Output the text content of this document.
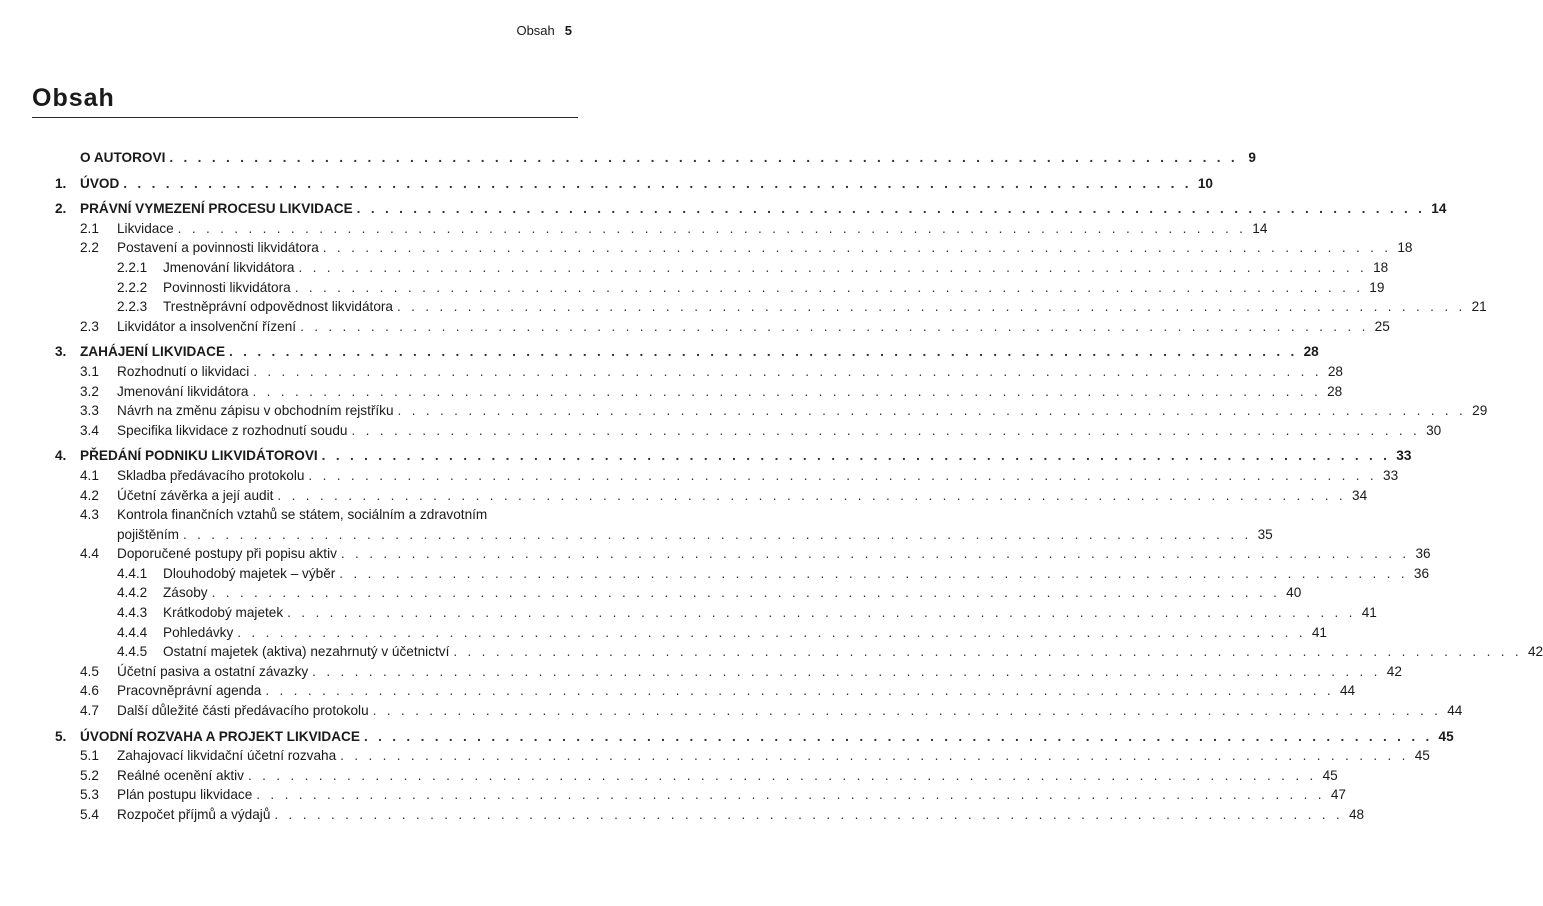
Obsah 5
Obsah
O AUTOROVI . . . . . . . . . . . . . . . . . . . . . . . . . . . . . . . . . . . . . . . . . . . . . . . . . . . . . . . . . . . . . . . . . . . . . . . . . . . . 9
1. ÚVOD . . . . . . . . . . . . . . . . . . . . . . . . . . . . . . . . . . . . . . . . . . . . . . . . . . . . . . . . . . . . . . . . . . . . . . . . . . . . 10
2. PRÁVNÍ VYMEZENÍ PROCESU LIKVIDACE . . . . . . . . . . . . . . . . . . . . . . . . . . . . . . . . . . . . . . . . . . . . . . . . . . . . . . . . . . . . . . . . . . . . . . . . . . . . 14
2.1 Likvidace . . . . . . . . . . . . . . . . . . . . . . . . . . . . . . . . . . . . . . . . . . . . . . . . . . . . . . . . . . . . . . . . . . . . . . . . . . . . 14
2.2 Postavení a povinnosti likvidátora . . . . . . . . . . . . . . . . . . . . . . . . . . . . . . . . . . . . . . . . . . . . . . . . . . . . . . . . . . . . . . . . . . . . . . . . . . . . 18
2.2.1 Jmenování likvidátora . . . . . . . . . . . . . . . . . . . . . . . . . . . . . . . . . . . . . . . . . . . . . . . . . . . . . . . . . . . . . . . . . . . . . . . . . . . . 18
2.2.2 Povinnosti likvidátora . . . . . . . . . . . . . . . . . . . . . . . . . . . . . . . . . . . . . . . . . . . . . . . . . . . . . . . . . . . . . . . . . . . . . . . . . . . . 19
2.2.3 Trestněprávní odpovědnost likvidátora . . . . . . . . . . . . . . . . . . . . . . . . . . . . . . . . . . . . . . . . . . . . . . . . . . . . . . . . . . . . . . . . . . . . . . . . . . . . 21
2.3 Likvidátor a insolvenční řízení . . . . . . . . . . . . . . . . . . . . . . . . . . . . . . . . . . . . . . . . . . . . . . . . . . . . . . . . . . . . . . . . . . . . . . . . . . . . 25
3. ZAHÁJENÍ LIKVIDACE . . . . . . . . . . . . . . . . . . . . . . . . . . . . . . . . . . . . . . . . . . . . . . . . . . . . . . . . . . . . . . . . . . . . . . . . . . . . 28
3.1 Rozhodnutí o likvidaci . . . . . . . . . . . . . . . . . . . . . . . . . . . . . . . . . . . . . . . . . . . . . . . . . . . . . . . . . . . . . . . . . . . . . . . . . . . . 28
3.2 Jmenování likvidátora . . . . . . . . . . . . . . . . . . . . . . . . . . . . . . . . . . . . . . . . . . . . . . . . . . . . . . . . . . . . . . . . . . . . . . . . . . . . 28
3.3 Návrh na změnu zápisu v obchodním rejstříku . . . . . . . . . . . . . . . . . . . . . . . . . . . . . . . . . . . . . . . . . . . . . . . . . . . . . . . . . . . . . . . . . . . . . . . . . . . . 29
3.4 Specifika likvidace z rozhodnutí soudu . . . . . . . . . . . . . . . . . . . . . . . . . . . . . . . . . . . . . . . . . . . . . . . . . . . . . . . . . . . . . . . . . . . . . . . . . . . . 30
4. PŘEDÁNÍ PODNIKU LIKVIDÁTOROVI . . . . . . . . . . . . . . . . . . . . . . . . . . . . . . . . . . . . . . . . . . . . . . . . . . . . . . . . . . . . . . . . . . . . . . . . . . . . 33
4.1 Skladba předávacího protokolu . . . . . . . . . . . . . . . . . . . . . . . . . . . . . . . . . . . . . . . . . . . . . . . . . . . . . . . . . . . . . . . . . . . . . . . . . . . . 33
4.2 Účetní závěrka a její audit . . . . . . . . . . . . . . . . . . . . . . . . . . . . . . . . . . . . . . . . . . . . . . . . . . . . . . . . . . . . . . . . . . . . . . . . . . . . 34
4.3 Kontrola finančních vztahů se státem, sociálním a zdravotním
pojištěním . . . . . . . . . . . . . . . . . . . . . . . . . . . . . . . . . . . . . . . . . . . . . . . . . . . . . . . . . . . . . . . . . . . . . . . . . . . . 35
4.4 Doporučené postupy při popisu aktiv . . . . . . . . . . . . . . . . . . . . . . . . . . . . . . . . . . . . . . . . . . . . . . . . . . . . . . . . . . . . . . . . . . . . . . . . . . . . 36
4.4.1 Dlouhodobý majetek – výběr . . . . . . . . . . . . . . . . . . . . . . . . . . . . . . . . . . . . . . . . . . . . . . . . . . . . . . . . . . . . . . . . . . . . . . . . . . . . 36
4.4.2 Zásoby . . . . . . . . . . . . . . . . . . . . . . . . . . . . . . . . . . . . . . . . . . . . . . . . . . . . . . . . . . . . . . . . . . . . . . . . . . . . 40
4.4.3 Krátkodobý majetek . . . . . . . . . . . . . . . . . . . . . . . . . . . . . . . . . . . . . . . . . . . . . . . . . . . . . . . . . . . . . . . . . . . . . . . . . . . . 41
4.4.4 Pohledávky . . . . . . . . . . . . . . . . . . . . . . . . . . . . . . . . . . . . . . . . . . . . . . . . . . . . . . . . . . . . . . . . . . . . . . . . . . . . 41
4.4.5 Ostatní majetek (aktiva) nezahrnutý v účetnictví . . . . . . . . . . . . . . . . . . . . . . . . . . . . . . . . . . . . . . . . . . . . . . . . . . . . . . . . . . . . . . . . . . . . . . . . . . . . 42
4.5 Účetní pasiva a ostatní závazky . . . . . . . . . . . . . . . . . . . . . . . . . . . . . . . . . . . . . . . . . . . . . . . . . . . . . . . . . . . . . . . . . . . . . . . . . . . . 42
4.6 Pracovněprávní agenda . . . . . . . . . . . . . . . . . . . . . . . . . . . . . . . . . . . . . . . . . . . . . . . . . . . . . . . . . . . . . . . . . . . . . . . . . . . . 44
4.7 Další důležité části předávacího protokolu . . . . . . . . . . . . . . . . . . . . . . . . . . . . . . . . . . . . . . . . . . . . . . . . . . . . . . . . . . . . . . . . . . . . . . . . . . . . 44
5. ÚVODNÍ ROZVAHA A PROJEKT LIKVIDACE . . . . . . . . . . . . . . . . . . . . . . . . . . . . . . . . . . . . . . . . . . . . . . . . . . . . . . . . . . . . . . . . . . . . . . . . . . . . 45
5.1 Zahajovací likvidační účetní rozvaha . . . . . . . . . . . . . . . . . . . . . . . . . . . . . . . . . . . . . . . . . . . . . . . . . . . . . . . . . . . . . . . . . . . . . . . . . . . . 45
5.2 Reálné ocenění aktiv . . . . . . . . . . . . . . . . . . . . . . . . . . . . . . . . . . . . . . . . . . . . . . . . . . . . . . . . . . . . . . . . . . . . . . . . . . . . 45
5.3 Plán postupu likvidace . . . . . . . . . . . . . . . . . . . . . . . . . . . . . . . . . . . . . . . . . . . . . . . . . . . . . . . . . . . . . . . . . . . . . . . . . . . . 47
5.4 Rozpočet příjmů a výdajů . . . . . . . . . . . . . . . . . . . . . . . . . . . . . . . . . . . . . . . . . . . . . . . . . . . . . . . . . . . . . . . . . . . . . . . . . . . . 48
